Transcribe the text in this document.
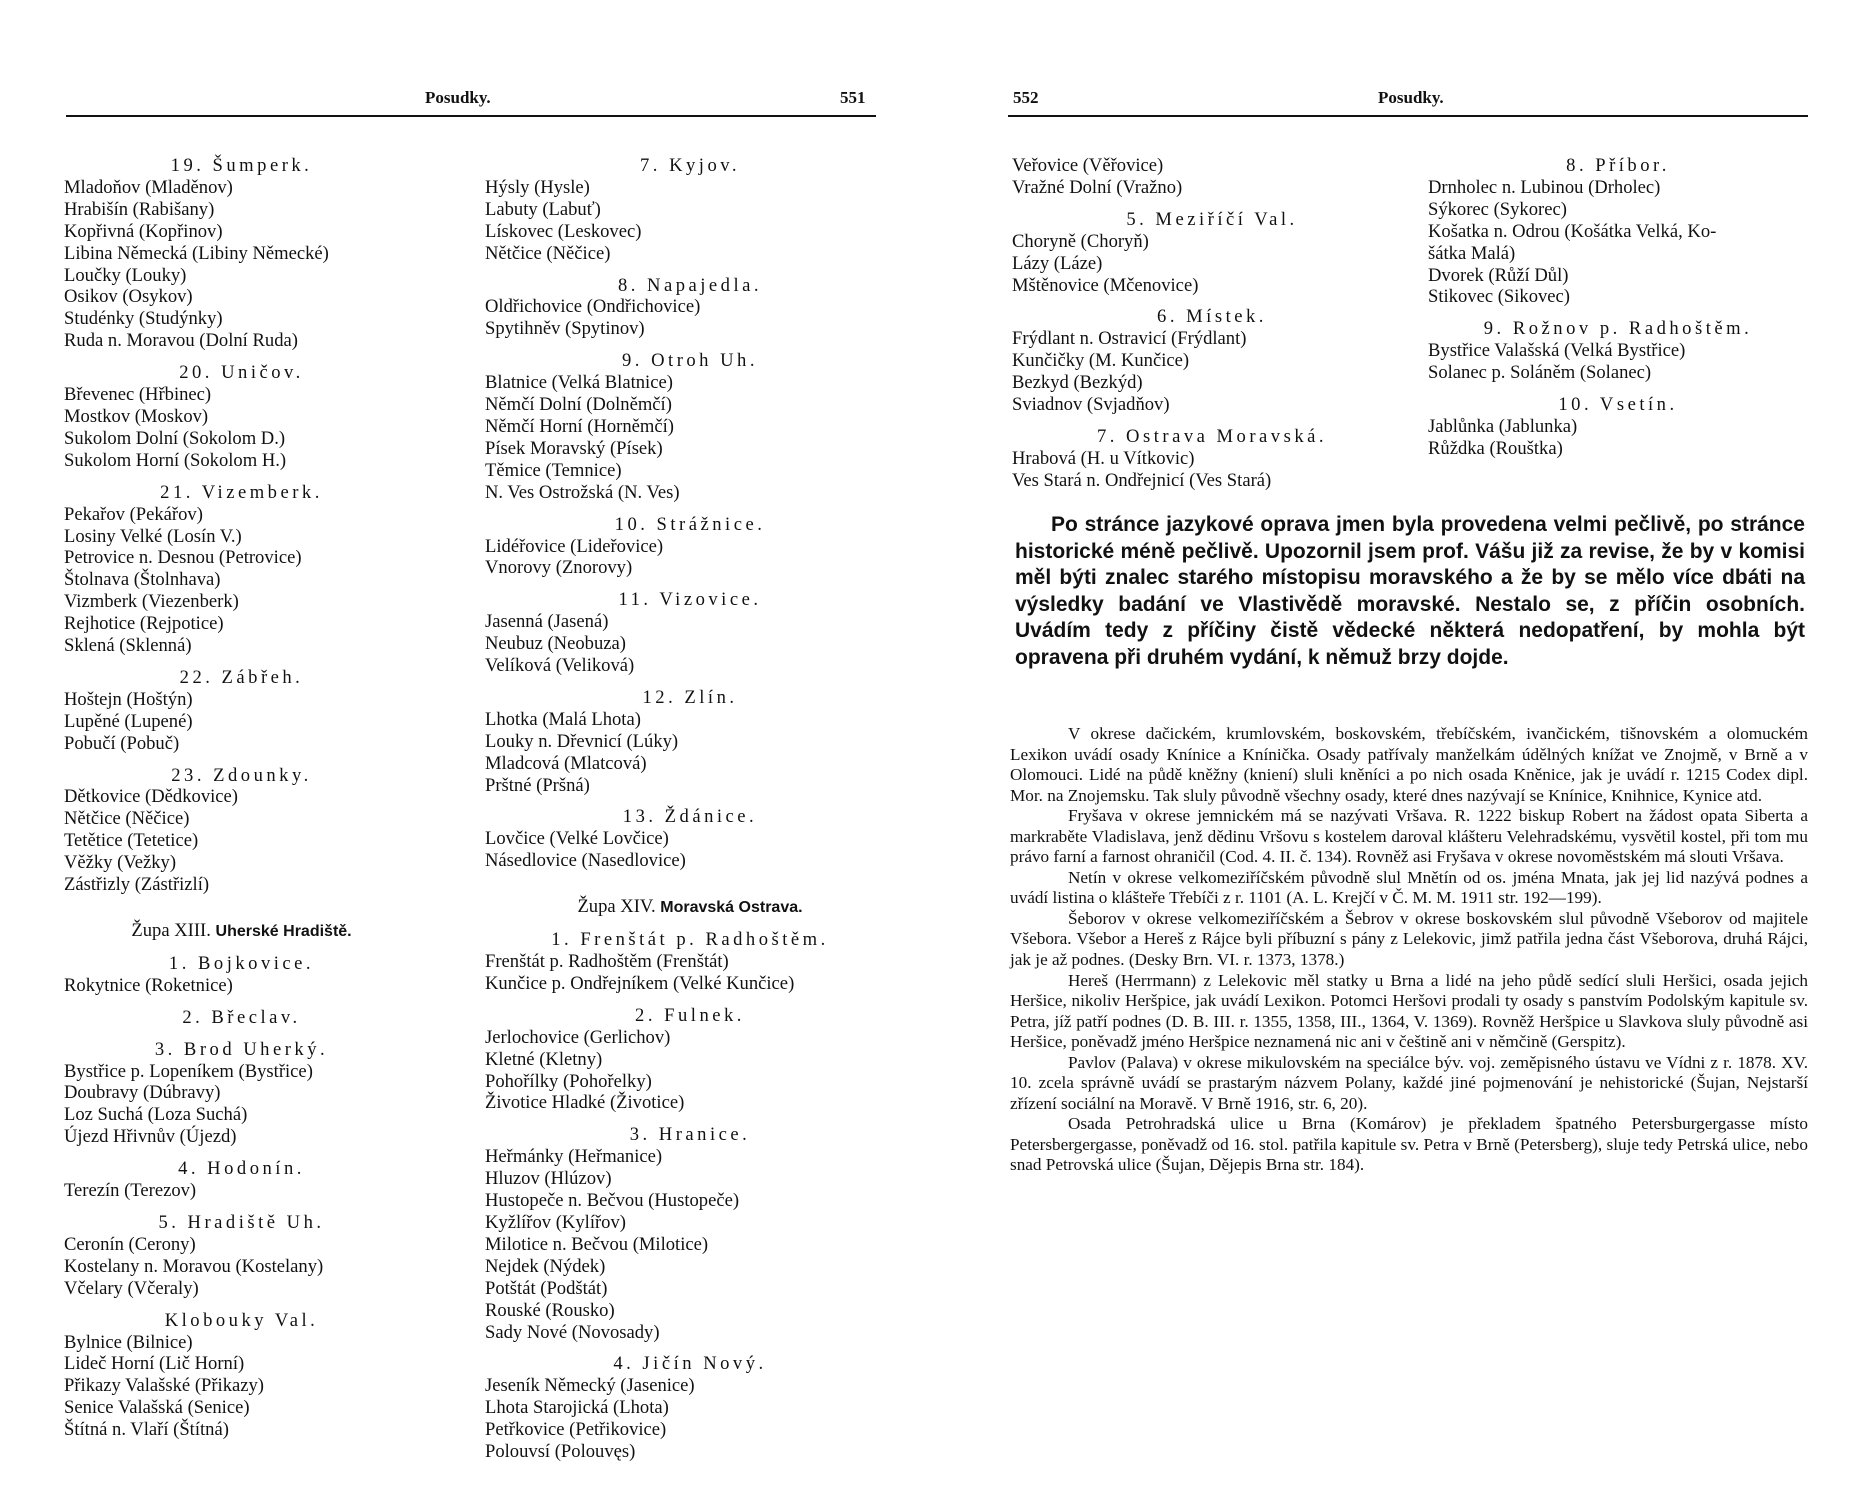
Posudky.	551
19. Šumperk.
Mladoňov (Mladěnov)
Hrabišín (Rabišany)
Kopřivná (Kopřinov)
Libina Německá (Libiny Německé)
Loučky (Louky)
Osikov (Osykov)
Studénky (Studýnky)
Ruda n. Moravou (Dolní Ruda)
20. Uničov.
Břevenec (Hřbinec)
Mostkov (Moskov)
Sukolom Dolní (Sokolom D.)
Sukolom Horní (Sokolom H.)
21. Vizemberk.
Pekařov (Pekářov)
Losiny Velké (Losín V.)
Petrovice n. Desnou (Petrovice)
Štolnava (Štolnhava)
Vizmberk (Viezenberk)
Rejhotice (Rejpotice)
Sklená (Sklenná)
22. Zábřeh.
Hoštejn (Hoštýn)
Lupěné (Lupené)
Pobučí (Pobuč)
23. Zdounky.
Dětkovice (Dědkovice)
Nětčice (Něčice)
Tetětice (Tetetice)
Věžky (Vežky)
Zástřizly (Zástřizlí)
Župa XIII. Uherské Hradiště.
1. Bojkovice.
Rokytnice (Roketnice)
2. Břeclav.
3. Brod Uherký.
Bystřice p. Lopeníkem (Bystřice)
Doubravy (Dúbravy)
Loz Suchá (Loza Suchá)
Újezd Hřivnův (Újezd)
4. Hodonín.
Terezín (Terezov)
5. Hradiště Uh.
Ceronín (Cerony)
Kostelany n. Moravou (Kostelany)
Včelary (Včeraly)
Klobouky Val.
Bylnice (Bilnice)
Lideč Horní (Lič Horní)
Přikazy Valašské (Přikazy)
Senice Valašská (Senice)
Štítná n. Vlaří (Štítná)
7. Kyjov.
Hýsly (Hysle)
Labuty (Labuť)
Lískovec (Leskovec)
Nětčice (Něčice)
8. Napajedla.
Oldřichovice (Ondřichovice)
Spytihněv (Spytinov)
9. Otroh Uh.
Blatnice (Velká Blatnice)
Němčí Dolní (Dolněmčí)
Němčí Horní (Horněmčí)
Písek Moravský (Písek)
Těmice (Temnice)
N. Ves Ostrožská (N. Ves)
10. Strážnice.
Lidéřovice (Lideřovice)
Vnorovy (Znorovy)
11. Vizovice.
Jasenná (Jasená)
Neubuz (Neobuza)
Velíková (Veliková)
12. Zlín.
Lhotka (Malá Lhota)
Louky n. Dřevnicí (Lúky)
Mladcová (Mlatcová)
Prštné (Pršná)
13. Ždánice.
Lovčice (Velké Lovčice)
Násedlovice (Nasedlovice)
Župa XIV. Moravská Ostrava.
1. Frenštát p. Radhoštěm.
Frenštát p. Radhoštěm (Frenštát)
Kunčice p. Ondřejníkem (Velké Kunčice)
2. Fulnek.
Jerlochovice (Gerlichov)
Kletné (Kletny)
Pohořílky (Pohořelky)
Životice Hladké (Životice)
3. Hranice.
Heřmánky (Heřmanice)
Hluzov (Hlúzov)
Hustopeče n. Bečvou (Hustopeče)
Kyžlířov (Kylířov)
Milotice n. Bečvou (Milotice)
Nejdek (Nýdek)
Potštát (Podštát)
Rouské (Rousko)
Sady Nové (Novosady)
4. Jičín Nový.
Jeseník Německý (Jasenice)
Lhota Starojická (Lhota)
Petřkovice (Petřikovice)
Polouvsí (Polouvęs)
552	Posudky.
Veřovice (Věřovice)
Vražné Dolní (Vražno)
5. Meziříčí Val.
Choryně (Choryň)
Lázy (Láze)
Mštěnovice (Mčenovice)
6. Místek.
Frýdlant n. Ostravicí (Frýdlant)
Kunčičky (M. Kunčice)
Bezkyd (Bezkýd)
Sviadnov (Svjadňov)
7. Ostrava Moravská.
Hrabová (H. u Vítkovic)
Ves Stará n. Ondřejnicí (Ves Stará)
8. Příbor.
Drnholec n. Lubinou (Drholec)
Sýkorec (Sykorec)
Košatka n. Odrou (Košátka Velká, Ko-
šátka Malá)
Dvorek (Růží Důl)
Stikovec (Sikovec)
9. Rožnov p. Radhoštěm.
Bystřice Valašská (Velká Bystřice)
Solanec p. Soláněm (Solanec)
10. Vsetín.
Jablůnka (Jablunka)
Růždka (Rouštka)
Po stránce jazykové oprava jmen byla provedena velmi pečlivě, po stránce historické méně pečlivě. Upozornil jsem prof. Vášu již za revise, že by v komisi měl býti znalec starého místopisu moravského a že by se mělo více dbáti na výsledky badání ve Vlastivědě moravské. Nestalo se, z příčin osobních. Uvádím tedy z příčiny čistě vědecké některá nedopatření, by mohla být opravena při druhém vydání, k němuž brzy dojde.

V okrese dačickém, krumlovském, boskovském, třebíčském, ivančickém, tišnovském a olomuckém Lexikon uvádí osady Knínice a Knínička. Osady patřívaly manželkám údělných knížat ve Znojmě, v Brně a v Olomouci. Lidé na půdě kněžny (kniení) sluli kněníci a po nich osada Kněnice, jak je uvádí r. 1215 Codex dipl. Mor. na Znojemsku. Tak sluly původně všechny osady, které dnes nazývají se Knínice, Knihnice, Kynice atd.

Fryšava v okrese jemnickém má se nazývati Vršava. R. 1222 biskup Robert na žádost opata Siberta a markraběte Vladislava, jenž dědinu Vršovu s kostelem daroval klášteru Velehradskému, vysvětil kostel, při tom mu právo farní a farnost ohraničil (Cod. 4. II. č. 134). Rovněž asi Fryšava v okrese novoměstském má slouti Vršava.

Netín v okrese velkomeziříčském původně slul Mnětín od os. jména Mnata, jak jej lid nazývá podnes a uvádí listina o klášteře Třebíči z r. 1101 (A. L. Krejčí v Č. M. M. 1911 str. 192—199).

Šeborov v okrese velkomeziříčském a Šebrov v okrese boskovském slul původně Všeborov od majitele Všebora. Všebor a Hereš z Rájce byli příbuzní s pány z Lelekovic, jimž patřila jedna část Všeborova, druhá Rájci, jak je až podnes. (Desky Brn. VI. r. 1373, 1378.)

Hereš (Herrmann) z Lelekovic měl statky u Brna a lidé na jeho půdě sedící sluli Heršici, osada jejich Heršice, nikoliv Heršpice, jak uvádí Lexikon. Potomci Heršovi prodali ty osady s panstvím Podolským kapitule sv. Petra, jíž patří podnes (D. B. III. r. 1355, 1358, III., 1364, V. 1369). Rovněž Heršpice u Slavkova sluly původně asi Heršice, poněvadž jméno Heršpice neznamená nic ani v češtině ani v němčině (Gerspitz).

Pavlov (Palava) v okrese mikulovském na speciálce býv. voj. zeměpisného ústavu ve Vídni z r. 1878. XV. 10. zcela správně uvádí se prastarým názvem Polany, každé jiné pojmenování je nehistorické (Šujan, Nejstarší zřízení sociální na Moravě. V Brně 1916, str. 6, 20).

Osada Petrohradská ulice u Brna (Komárov) je překladem špatného Petersburgergasse místo Petersbergergasse, poněvadž od 16. stol. patřila kapitule sv. Petra v Brně (Petersberg), sluje tedy Petrská ulice, nebo snad Petrovská ulice (Šujan, Dějepis Brna str. 184).
